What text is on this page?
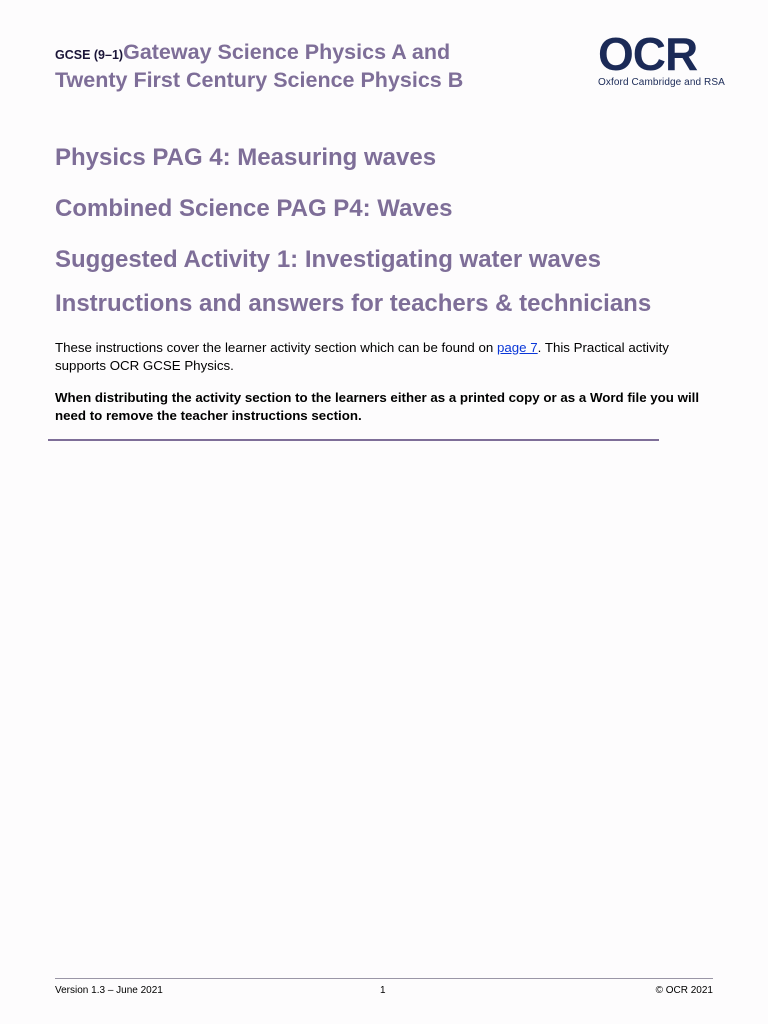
GCSE (9–1)Gateway Science Physics A and
Twenty First Century Science Physics B	OCR
Oxford Cambridge and RSA
Physics PAG 4: Measuring waves
Combined Science PAG P4: Waves
Suggested Activity 1: Investigating water waves
Instructions and answers for teachers & technicians

These instructions cover the learner activity section which can be found on page 7. This Practical activity supports OCR GCSE Physics.

When distributing the activity section to the learners either as a printed copy or as a Word file you will need to remove the teacher instructions section.

Version 1.3 – June 2021	1	© OCR 2021
